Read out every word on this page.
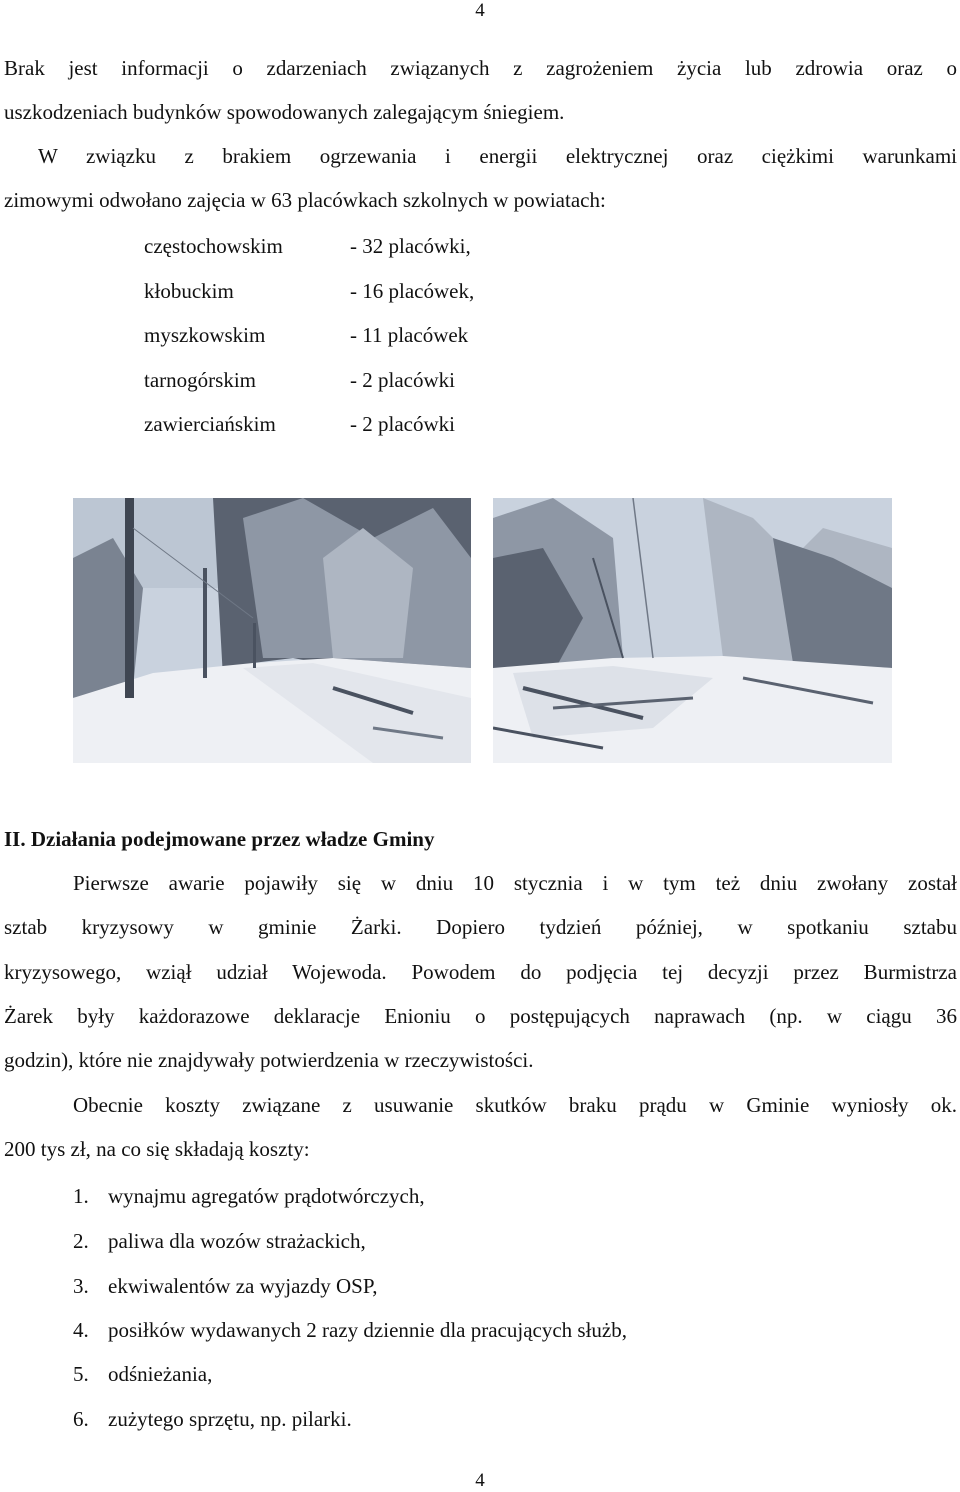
4
Brak jest informacji o zdarzeniach związanych z zagrożeniem życia lub zdrowia oraz o
uszkodzeniach budynków spowodowanych zalegającym śniegiem.
W związku z brakiem ogrzewania i energii elektrycznej oraz ciężkimi warunkami
zimowymi odwołano zajęcia w 63 placówkach szkolnych w powiatach:
częstochowskim	- 32 placówki,
kłobuckim	- 16 placówek,
myszkowskim	- 11 placówek
tarnogórskim	- 2 placówki
zawierciańskim	- 2 placówki
II. Działania podejmowane przez władze Gminy
Pierwsze awarie pojawiły się w dniu 10 stycznia i w tym też dniu zwołany został
sztab kryzysowy w gminie Żarki. Dopiero tydzień później, w spotkaniu sztabu
kryzysowego, wziął udział Wojewoda. Powodem do podjęcia tej decyzji przez Burmistrza
Żarek były każdorazowe deklaracje Enioniu o postępujących naprawach (np. w ciągu 36
godzin), które nie znajdywały potwierdzenia w rzeczywistości.
Obecnie koszty związane z usuwanie skutków braku prądu w Gminie wyniosły ok.
200 tys zł, na co się składają koszty:
1. wynajmu agregatów prądotwórczych,
2. paliwa dla wozów strażackich,
3. ekwiwalentów za wyjazdy OSP,
4. posiłków wydawanych 2 razy dziennie dla pracujących służb,
5. odśnieżania,
6. zużytego sprzętu, np. pilarki.
4
